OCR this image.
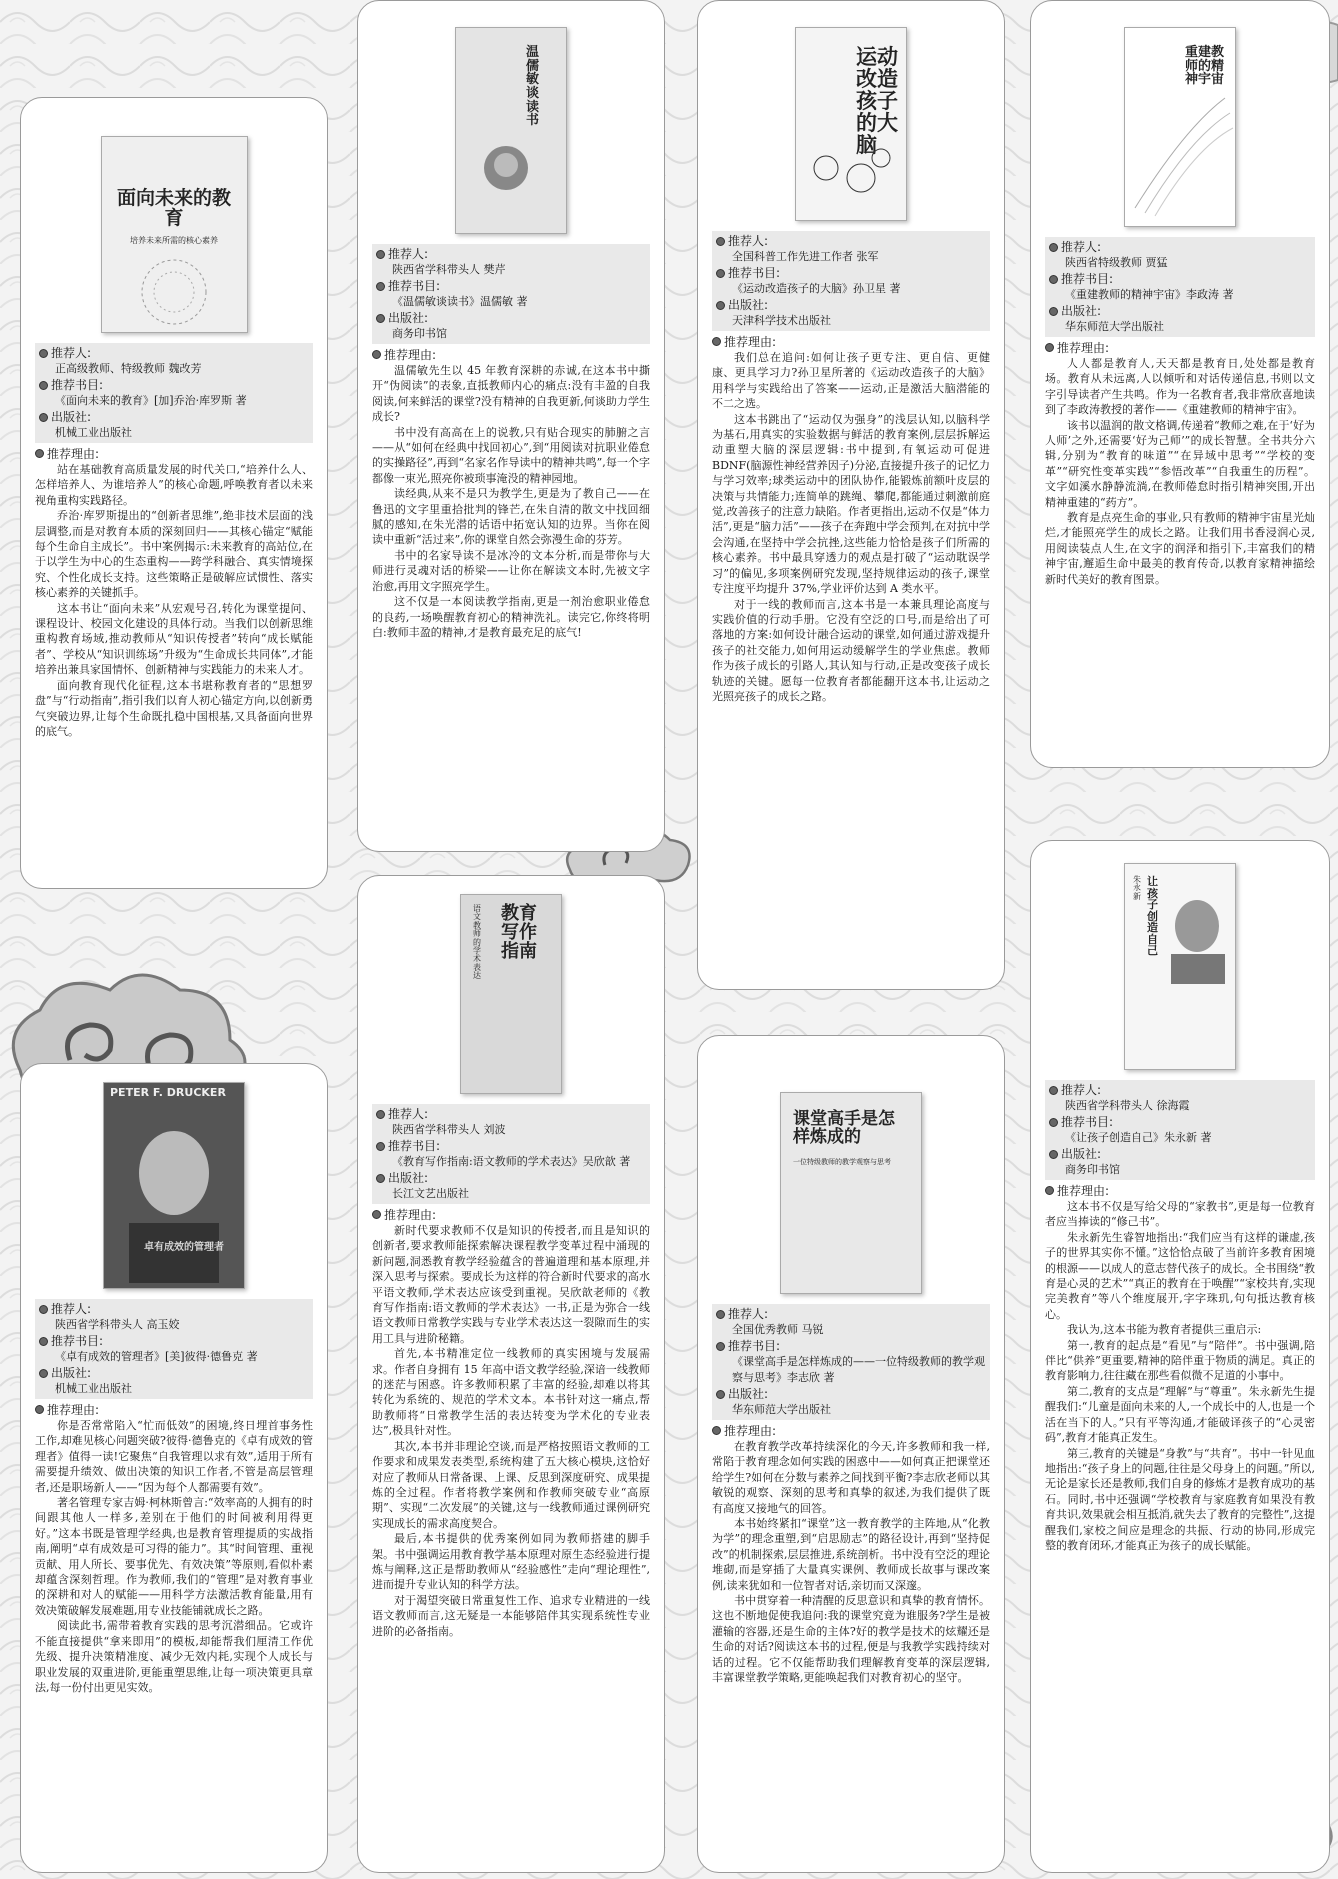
面向未来的教育
培养未来所需的核心素养
推荐人:
正高级教师、特级教师 魏改芳
推荐书目:
《面向未来的教育》[加]乔治·库罗斯 著
出版社:
机械工业出版社
推荐理由:

站在基础教育高质量发展的时代关口,“培养什么人、怎样培养人、为谁培养人”的核心命题,呼唤教育者以未来视角重构实践路径。

乔治·库罗斯提出的“创新者思维”,绝非技术层面的浅层调整,而是对教育本质的深刻回归——其核心锚定“赋能每个生命自主成长”。书中案例揭示:未来教育的高站位,在于以学生为中心的生态重构——跨学科融合、真实情境探究、个性化成长支持。这些策略正是破解应试惯性、落实核心素养的关键抓手。

这本书让“面向未来”从宏观号召,转化为课堂提问、课程设计、校园文化建设的具体行动。当我们以创新思维重构教育场域,推动教师从“知识传授者”转向“成长赋能者”、学校从“知识训练场”升级为“生命成长共同体”,才能培养出兼具家国情怀、创新精神与实践能力的未来人才。

面向教育现代化征程,这本书堪称教育者的“思想罗盘”与“行动指南”,指引我们以育人初心锚定方向,以创新勇气突破边界,让每个生命既扎稳中国根基,又具备面向世界的底气。

温儒敏谈读书
推荐人:
陕西省学科带头人 樊芹
推荐书目:
《温儒敏谈读书》温儒敏 著
出版社:
商务印书馆
推荐理由:

温儒敏先生以 45 年教育深耕的赤诚,在这本书中撕开“伪阅读”的表象,直抵教师内心的痛点:没有丰盈的自我阅读,何来鲜活的课堂?没有精神的自我更新,何谈助力学生成长?

书中没有高高在上的说教,只有贴合现实的肺腑之言——从“如何在经典中找回初心”,到“用阅读对抗职业倦怠的实操路径”,再到“名家名作导读中的精神共鸣”,每一个字都像一束光,照亮你被琐事淹没的精神园地。

读经典,从来不是只为教学生,更是为了教自己——在鲁迅的文字里重拾批判的锋芒,在朱自清的散文中找回细腻的感知,在朱光潜的话语中拓宽认知的边界。当你在阅读中重新“活过来”,你的课堂自然会弥漫生命的芬芳。

书中的名家导读不是冰冷的文本分析,而是带你与大师进行灵魂对话的桥梁——让你在解读文本时,先被文字治愈,再用文字照亮学生。

这不仅是一本阅读教学指南,更是一剂治愈职业倦怠的良药,一场唤醒教育初心的精神洗礼。读完它,你终将明白:教师丰盈的精神,才是教育最充足的底气!

运动改造孩子的大脑
推荐人:
全国科普工作先进工作者 张军
推荐书目:
《运动改造孩子的大脑》孙卫星 著
出版社:
天津科学技术出版社
推荐理由:

我们总在追问:如何让孩子更专注、更自信、更健康、更具学习力?孙卫星所著的《运动改造孩子的大脑》用科学与实践给出了答案——运动,正是激活大脑潜能的不二之选。

这本书跳出了“运动仅为强身”的浅层认知,以脑科学为基石,用真实的实验数据与鲜活的教育案例,层层拆解运动重塑大脑的深层逻辑:书中提到,有氧运动可促进 BDNF(脑源性神经营养因子)分泌,直接提升孩子的记忆力与学习效率;球类运动中的团队协作,能锻炼前额叶皮层的决策与共情能力;连简单的跳绳、攀爬,都能通过刺激前庭觉,改善孩子的注意力缺陷。作者更指出,运动不仅是“体力活”,更是“脑力活”——孩子在奔跑中学会预判,在对抗中学会沟通,在坚持中学会抗挫,这些能力恰恰是孩子们所需的核心素养。书中最具穿透力的观点是打破了“运动耽误学习”的偏见,多项案例研究发现,坚持规律运动的孩子,课堂专注度平均提升 37%,学业评价达到 A 类水平。

对于一线的教师而言,这本书是一本兼具理论高度与实践价值的行动手册。它没有空泛的口号,而是给出了可落地的方案:如何设计融合运动的课堂,如何通过游戏提升孩子的社交能力,如何用运动缓解学生的学业焦虑。教师作为孩子成长的引路人,其认知与行动,正是改变孩子成长轨迹的关键。愿每一位教育者都能翻开这本书,让运动之光照亮孩子的成长之路。

重建教师的精神宇宙
推荐人:
陕西省特级教师 贾猛
推荐书目:
《重建教师的精神宇宙》李政涛 著
出版社:
华东师范大学出版社
推荐理由:

人人都是教育人,天天都是教育日,处处都是教育场。教育从未远离,人以倾听和对话传递信息,书则以文字引导读者产生共鸣。作为一名教育者,我非常欣喜地读到了李政涛教授的著作——《重建教师的精神宇宙》。

该书以温润的散文格调,传递着“教师之难,在于‘好为人师’之外,还需要‘好为己师’”的成长智慧。全书共分六辑,分别为“教育的味道”“在异域中思考”“学校的变革”“研究性变革实践”“参悟改革”“自我重生的历程”。文字如溪水静静流淌,在教师倦怠时指引精神突围,开出精神重建的“药方”。

教育是点亮生命的事业,只有教师的精神宇宙星光灿烂,才能照亮学生的成长之路。让我们用书香浸润心灵,用阅读装点人生,在文字的润泽和指引下,丰富我们的精神宇宙,邂逅生命中最美的教育传奇,以教育家精神描绘新时代美好的教育图景。

PETER F. DRUCKER
卓有成效的管理者
推荐人:
陕西省学科带头人 高玉姣
推荐书目:
《卓有成效的管理者》[美]彼得·德鲁克 著
出版社:
机械工业出版社
推荐理由:

你是否常常陷入“忙而低效”的困境,终日埋首事务性工作,却难见核心问题突破?彼得·德鲁克的《卓有成效的管理者》值得一读!它聚焦“自我管理以求有效”,适用于所有需要提升绩效、做出决策的知识工作者,不管是高层管理者,还是职场新人——“因为每个人都需要有效”。

著名管理专家吉姆·柯林斯曾言:“效率高的人拥有的时间跟其他人一样多,差别在于他们的时间被利用得更好。”这本书既是管理学经典,也是教育管理提质的实战指南,阐明“卓有成效是可习得的能力”。其“时间管理、重视贡献、用人所长、要事优先、有效决策”等原则,看似朴素却蕴含深刻哲理。作为教师,我们的“管理”是对教育事业的深耕和对人的赋能——用科学方法激活教育能量,用有效决策破解发展难题,用专业技能铺就成长之路。

阅读此书,需带着教育实践的思考沉潜细品。它或许不能直接提供“拿来即用”的模板,却能帮我们厘清工作优先级、提升决策精准度、减少无效内耗,实现个人成长与职业发展的双重进阶,更能重塑思维,让每一项决策更具章法,每一份付出更见实效。

教育写作指南
语文教师的学术表达
推荐人:
陕西省学科带头人 刘波
推荐书目:
《教育写作指南:语文教师的学术表达》吴欣歆 著
出版社:
长江文艺出版社
推荐理由:

新时代要求教师不仅是知识的传授者,而且是知识的创新者,要求教师能探索解决课程教学变革过程中涌现的新问题,洞悉教育教学经验蕴含的普遍道理和基本原理,并深入思考与探索。要成长为这样的符合新时代要求的高水平语文教师,学术表达应该受到重视。吴欣歆老师的《教育写作指南:语文教师的学术表达》一书,正是为弥合一线语文教师日常教学实践与专业学术表达这一裂隙而生的实用工具与进阶秘籍。

首先,本书精准定位一线教师的真实困境与发展需求。作者自身拥有 15 年高中语文教学经验,深谙一线教师的迷茫与困惑。许多教师积累了丰富的经验,却难以将其转化为系统的、规范的学术文本。本书针对这一痛点,帮助教师将“日常教学生活的表达转变为学术化的专业表达”,极具针对性。

其次,本书并非理论空谈,而是严格按照语文教师的工作要求和成果发表类型,系统构建了五大核心模块,这恰好对应了教师从日常备课、上课、反思到深度研究、成果提炼的全过程。作者将教学案例和作教师突破专业“高原期”、实现“二次发展”的关键,这与一线教师通过课例研究实现成长的需求高度契合。

最后,本书提供的优秀案例如同为教师搭建的脚手架。书中强调运用教育教学基本原理对原生态经验进行提炼与阐释,这正是帮助教师从“经验感性”走向“理论理性”,进而提升专业认知的科学方法。

对于渴望突破日常重复性工作、追求专业精进的一线语文教师而言,这无疑是一本能够陪伴其实现系统性专业进阶的必备指南。

课堂高手是怎样炼成的
一位特级教师的教学观察与思考
推荐人:
全国优秀教师 马锐
推荐书目:
《课堂高手是怎样炼成的——一位特级教师的教学观察与思考》李志欣 著
出版社:
华东师范大学出版社
推荐理由:

在教育教学改革持续深化的今天,许多教师和我一样,常陷于教育理念如何实践的困惑中——如何真正把课堂还给学生?如何在分数与素养之间找到平衡?李志欣老师以其敏锐的观察、深刻的思考和真挚的叙述,为我们提供了既有高度又接地气的回答。

本书始终紧扣“课堂”这一教育教学的主阵地,从“化教为学”的理念重塑,到“启思励志”的路径设计,再到“坚持促改”的机制探索,层层推进,系统剖析。书中没有空泛的理论堆砌,而是穿插了大量真实课例、教师成长故事与课改案例,读来犹如和一位智者对话,亲切而又深邃。

书中贯穿着一种清醒的反思意识和真挚的教育情怀。这也不断地促使我追问:我的课堂究竟为谁服务?学生是被灌输的容器,还是生命的主体?好的教学是技术的炫耀还是生命的对话?阅读这本书的过程,便是与我教学实践持续对话的过程。它不仅能帮助我们理解教育变革的深层逻辑,丰富课堂教学策略,更能唤起我们对教育初心的坚守。

让孩子创造自己
朱永新
推荐人:
陕西省学科带头人 徐海霞
推荐书目:
《让孩子创造自己》朱永新 著
出版社:
商务印书馆
推荐理由:

这本书不仅是写给父母的“家教书”,更是每一位教育者应当捧读的“修己书”。

朱永新先生睿智地指出:“我们应当有这样的谦虚,孩子的世界其实你不懂。”这恰恰点破了当前许多教育困境的根源——以成人的意志替代孩子的成长。全书围绕“教育是心灵的艺术”“真正的教育在于唤醒”“家校共育,实现完美教育”等八个维度展开,字字珠玑,句句抵达教育核心。

我认为,这本书能为教育者提供三重启示:

第一,教育的起点是“看见”与“陪伴”。书中强调,陪伴比“供养”更重要,精神的陪伴重于物质的满足。真正的教育影响力,往往藏在那些看似微不足道的小事中。

第二,教育的支点是“理解”与“尊重”。朱永新先生提醒我们:“儿童是面向未来的人,一个成长中的人,也是一个活在当下的人。”只有平等沟通,才能破译孩子的“心灵密码”,教育才能真正发生。

第三,教育的关键是“身教”与“共育”。书中一针见血地指出:“孩子身上的问题,往往是父母身上的问题。”所以,无论是家长还是教师,我们自身的修炼才是教育成功的基石。同时,书中还强调“学校教育与家庭教育如果没有教育共识,效果就会相互抵消,就失去了教育的完整性”,这提醒我们,家校之间应是理念的共振、行动的协同,形成完整的教育闭环,才能真正为孩子的成长赋能。
